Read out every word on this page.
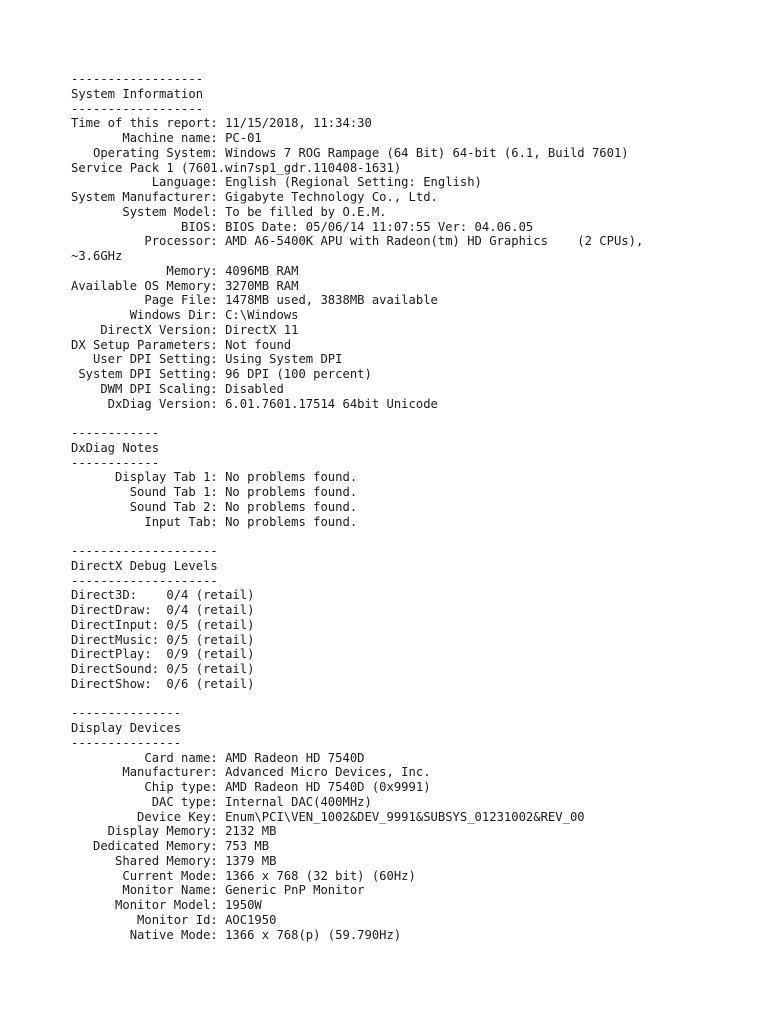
------------------
System Information
------------------
Time of this report: 11/15/2018, 11:34:30
Machine name: PC-01
Operating System: Windows 7 ROG Rampage (64 Bit) 64-bit (6.1, Build 7601)
Service Pack 1 (7601.win7sp1_gdr.110408-1631)
Language: English (Regional Setting: English)
System Manufacturer: Gigabyte Technology Co., Ltd.
System Model: To be filled by O.E.M.
BIOS: BIOS Date: 05/06/14 11:07:55 Ver: 04.06.05
Processor: AMD A6-5400K APU with Radeon(tm) HD Graphics    (2 CPUs),
~3.6GHz
Memory: 4096MB RAM
Available OS Memory: 3270MB RAM
Page File: 1478MB used, 3838MB available
Windows Dir: C:\Windows
DirectX Version: DirectX 11
DX Setup Parameters: Not found
User DPI Setting: Using System DPI
System DPI Setting: 96 DPI (100 percent)
DWM DPI Scaling: Disabled
DxDiag Version: 6.01.7601.17514 64bit Unicode

------------
DxDiag Notes
------------
Display Tab 1: No problems found.
Sound Tab 1: No problems found.
Sound Tab 2: No problems found.
Input Tab: No problems found.

--------------------
DirectX Debug Levels
--------------------
Direct3D:    0/4 (retail)
DirectDraw:  0/4 (retail)
DirectInput: 0/5 (retail)
DirectMusic: 0/5 (retail)
DirectPlay:  0/9 (retail)
DirectSound: 0/5 (retail)
DirectShow:  0/6 (retail)

---------------
Display Devices
---------------
Card name: AMD Radeon HD 7540D
Manufacturer: Advanced Micro Devices, Inc.
Chip type: AMD Radeon HD 7540D (0x9991)
DAC type: Internal DAC(400MHz)
Device Key: Enum\PCI\VEN_1002&DEV_9991&SUBSYS_01231002&REV_00
Display Memory: 2132 MB
Dedicated Memory: 753 MB
Shared Memory: 1379 MB
Current Mode: 1366 x 768 (32 bit) (60Hz)
Monitor Name: Generic PnP Monitor
Monitor Model: 1950W
Monitor Id: AOC1950
Native Mode: 1366 x 768(p) (59.790Hz)
